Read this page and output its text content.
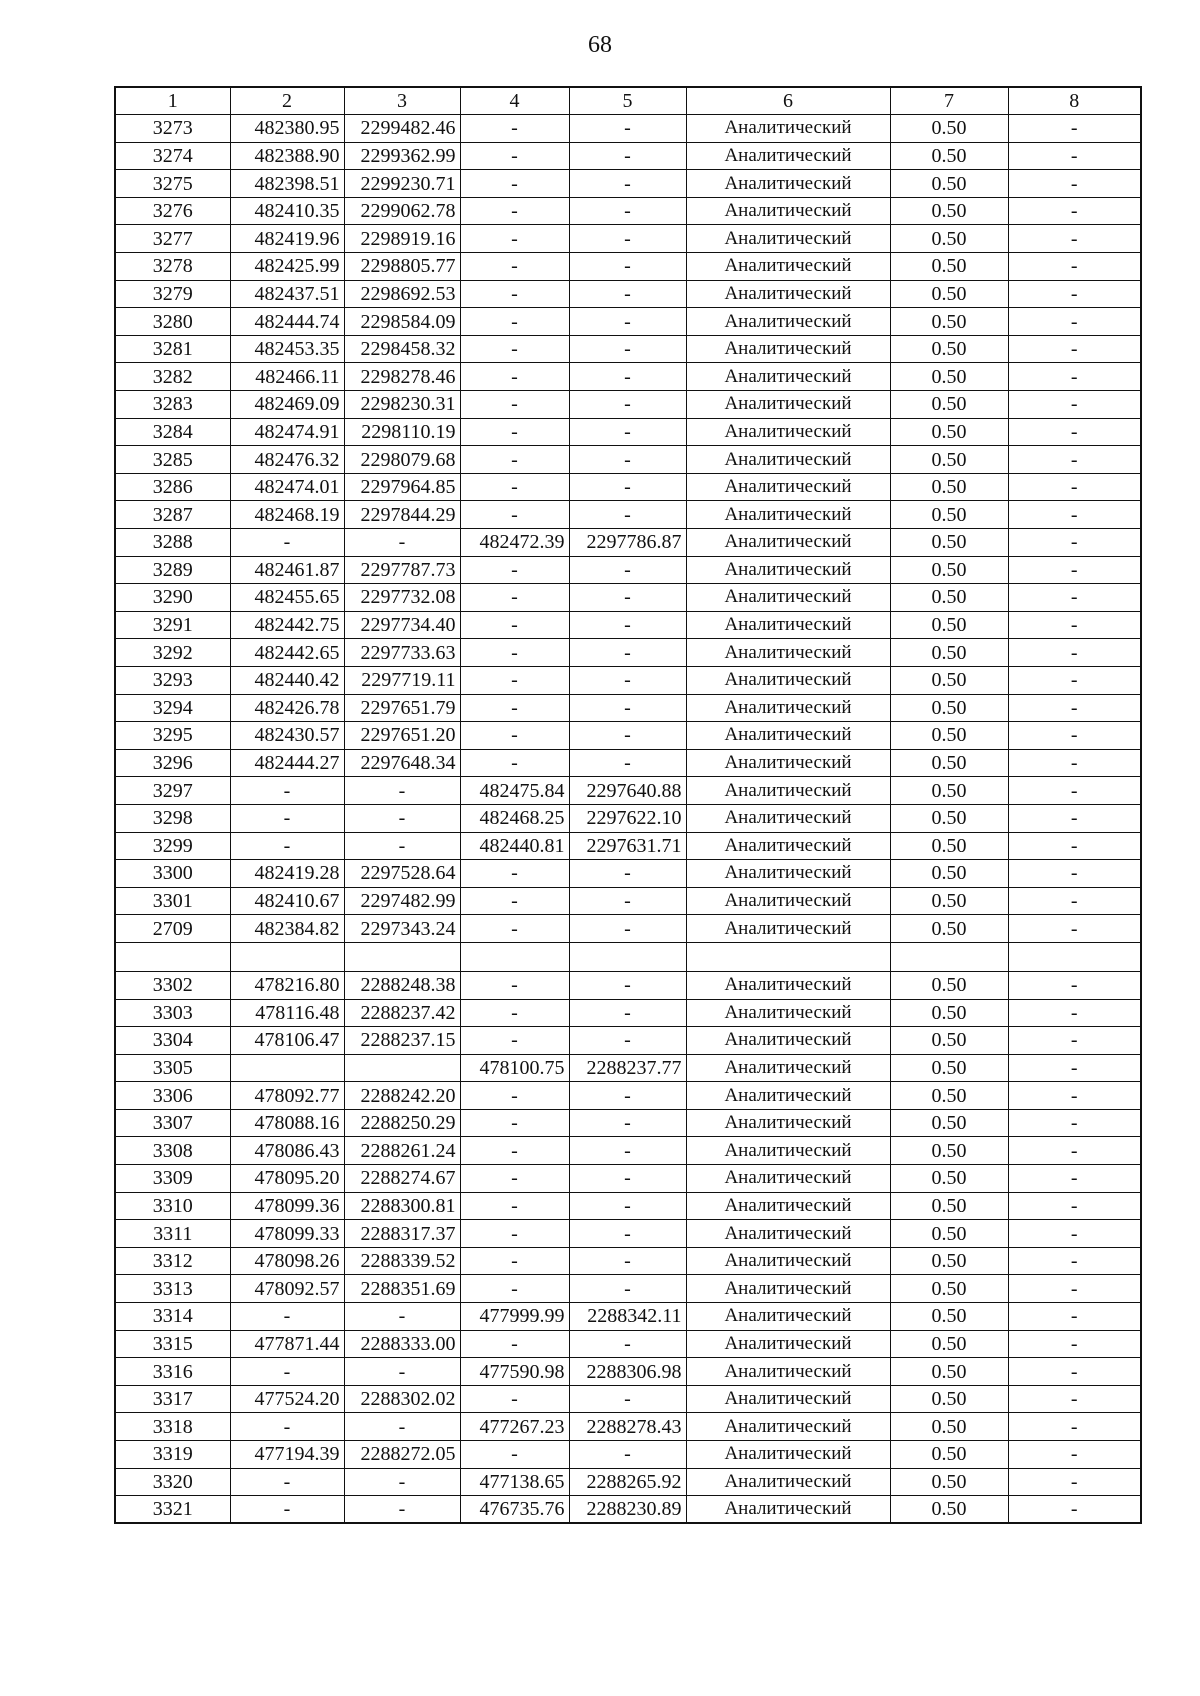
68
1	2	3	4	5	6	7	8
3273	482380.95	2299482.46	-	-	Аналитический	0.50	-
3274	482388.90	2299362.99	-	-	Аналитический	0.50	-
3275	482398.51	2299230.71	-	-	Аналитический	0.50	-
3276	482410.35	2299062.78	-	-	Аналитический	0.50	-
3277	482419.96	2298919.16	-	-	Аналитический	0.50	-
3278	482425.99	2298805.77	-	-	Аналитический	0.50	-
3279	482437.51	2298692.53	-	-	Аналитический	0.50	-
3280	482444.74	2298584.09	-	-	Аналитический	0.50	-
3281	482453.35	2298458.32	-	-	Аналитический	0.50	-
3282	482466.11	2298278.46	-	-	Аналитический	0.50	-
3283	482469.09	2298230.31	-	-	Аналитический	0.50	-
3284	482474.91	2298110.19	-	-	Аналитический	0.50	-
3285	482476.32	2298079.68	-	-	Аналитический	0.50	-
3286	482474.01	2297964.85	-	-	Аналитический	0.50	-
3287	482468.19	2297844.29	-	-	Аналитический	0.50	-
3288	-	-	482472.39	2297786.87	Аналитический	0.50	-
3289	482461.87	2297787.73	-	-	Аналитический	0.50	-
3290	482455.65	2297732.08	-	-	Аналитический	0.50	-
3291	482442.75	2297734.40	-	-	Аналитический	0.50	-
3292	482442.65	2297733.63	-	-	Аналитический	0.50	-
3293	482440.42	2297719.11	-	-	Аналитический	0.50	-
3294	482426.78	2297651.79	-	-	Аналитический	0.50	-
3295	482430.57	2297651.20	-	-	Аналитический	0.50	-
3296	482444.27	2297648.34	-	-	Аналитический	0.50	-
3297	-	-	482475.84	2297640.88	Аналитический	0.50	-
3298	-	-	482468.25	2297622.10	Аналитический	0.50	-
3299	-	-	482440.81	2297631.71	Аналитический	0.50	-
3300	482419.28	2297528.64	-	-	Аналитический	0.50	-
3301	482410.67	2297482.99	-	-	Аналитический	0.50	-
2709	482384.82	2297343.24	-	-	Аналитический	0.50	-

3302	478216.80	2288248.38	-	-	Аналитический	0.50	-
3303	478116.48	2288237.42	-	-	Аналитический	0.50	-
3304	478106.47	2288237.15	-	-	Аналитический	0.50	-
3305			478100.75	2288237.77	Аналитический	0.50	-
3306	478092.77	2288242.20	-	-	Аналитический	0.50	-
3307	478088.16	2288250.29	-	-	Аналитический	0.50	-
3308	478086.43	2288261.24	-	-	Аналитический	0.50	-
3309	478095.20	2288274.67	-	-	Аналитический	0.50	-
3310	478099.36	2288300.81	-	-	Аналитический	0.50	-
3311	478099.33	2288317.37	-	-	Аналитический	0.50	-
3312	478098.26	2288339.52	-	-	Аналитический	0.50	-
3313	478092.57	2288351.69	-	-	Аналитический	0.50	-
3314	-	-	477999.99	2288342.11	Аналитический	0.50	-
3315	477871.44	2288333.00	-	-	Аналитический	0.50	-
3316	-	-	477590.98	2288306.98	Аналитический	0.50	-
3317	477524.20	2288302.02	-	-	Аналитический	0.50	-
3318	-	-	477267.23	2288278.43	Аналитический	0.50	-
3319	477194.39	2288272.05	-	-	Аналитический	0.50	-
3320	-	-	477138.65	2288265.92	Аналитический	0.50	-
3321	-	-	476735.76	2288230.89	Аналитический	0.50	-
